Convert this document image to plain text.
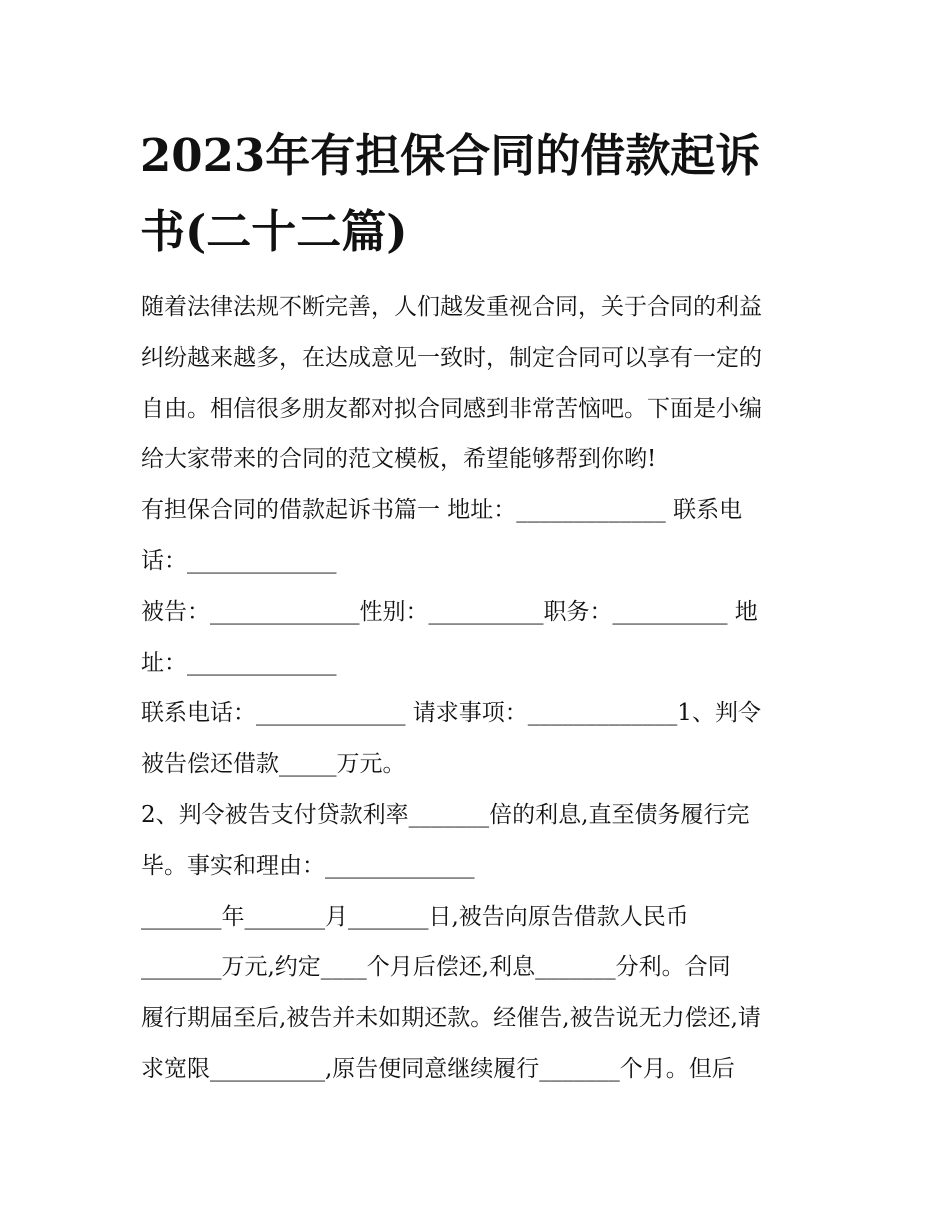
2023年有担保合同的借款起诉
书(二十二篇)
随着法律法规不断完善，人们越发重视合同，关于合同的利益
纠纷越来越多，在达成意见一致时，制定合同可以享有一定的
自由。相信很多朋友都对拟合同感到非常苦恼吧。下面是小编
给大家带来的合同的范文模板，希望能够帮到你哟!
有担保合同的借款起诉书篇一 地址：_____________ 联系电
话：_____________
被告：_____________性别：__________职务：__________ 地
址：_____________
联系电话：_____________ 请求事项：_____________1、判令
被告偿还借款_____万元。
2、判令被告支付贷款利率_______倍的利息,直至债务履行完
毕。事实和理由：_____________
_______年_______月_______日,被告向原告借款人民币
_______万元,约定____个月后偿还,利息_______分利。合同
履行期届至后,被告并未如期还款。经催告,被告说无力偿还,请
求宽限__________,原告便同意继续履行_______个月。但后
